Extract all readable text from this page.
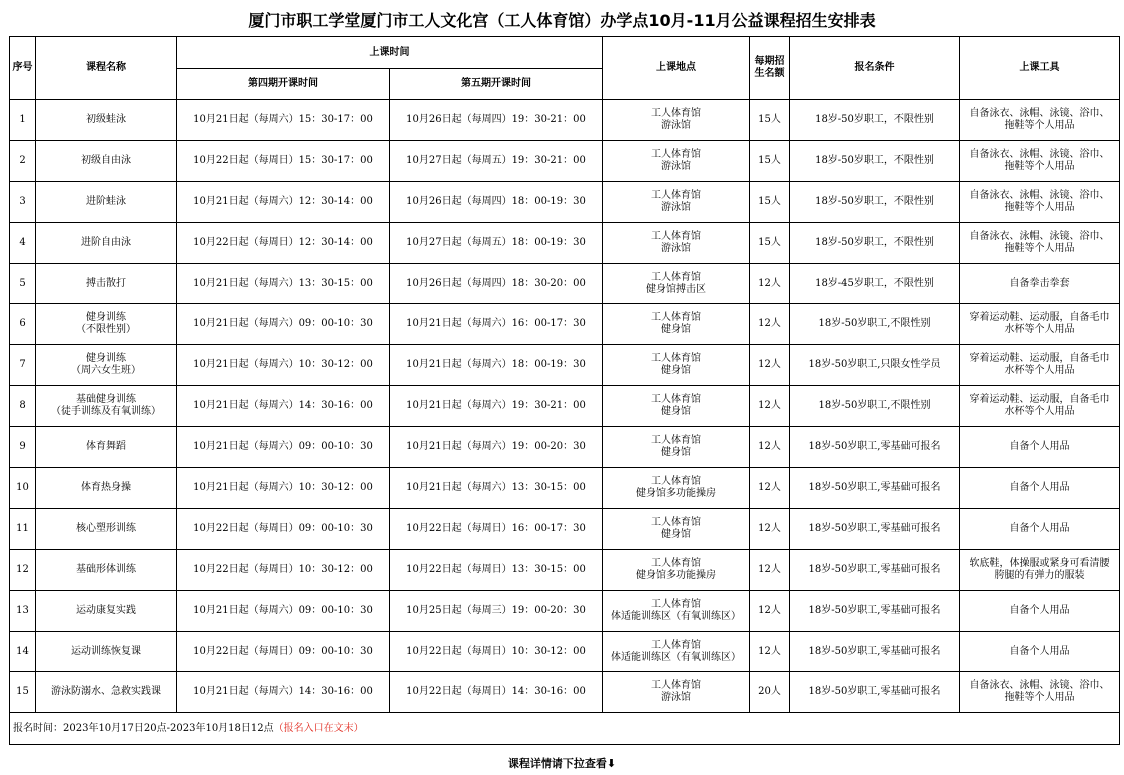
厦门市职工学堂厦门市工人文化宫（工人体育馆）办学点10月-11月公益课程招生安排表
序号	课程名称	上课时间		上课地点	每期招
生名额	报名条件	上课工具
		第四期开课时间	第五期开课时间				
1	初级蛙泳	10月21日起（每周六）15：30-17：00	10月26日起（每周四）19：30-21：00	工人体育馆
游泳馆	15人	18岁-50岁职工，不限性别	自备泳衣、泳帽、泳镜、浴巾、
拖鞋等个人用品
2	初级自由泳	10月22日起（每周日）15：30-17：00	10月27日起（每周五）19：30-21：00	工人体育馆
游泳馆	15人	18岁-50岁职工，不限性别	自备泳衣、泳帽、泳镜、浴巾、
拖鞋等个人用品
3	进阶蛙泳	10月21日起（每周六）12：30-14：00	10月26日起（每周四）18：00-19：30	工人体育馆
游泳馆	15人	18岁-50岁职工，不限性别	自备泳衣、泳帽、泳镜、浴巾、
拖鞋等个人用品
4	进阶自由泳	10月22日起（每周日）12：30-14：00	10月27日起（每周五）18：00-19：30	工人体育馆
游泳馆	15人	18岁-50岁职工，不限性别	自备泳衣、泳帽、泳镜、浴巾、
拖鞋等个人用品
5	搏击散打	10月21日起（每周六）13：30-15：00	10月26日起（每周四）18：30-20：00	工人体育馆
健身馆搏击区	12人	18岁-45岁职工，不限性别	自备拳击拳套
6	健身训练
（不限性别）	10月21日起（每周六）09：00-10：30	10月21日起（每周六）16：00-17：30	工人体育馆
健身馆	12人	18岁-50岁职工,不限性别	穿着运动鞋、运动服，自备毛巾
水杯等个人用品
7	健身训练
（周六女生班）	10月21日起（每周六）10：30-12：00	10月21日起（每周六）18：00-19：30	工人体育馆
健身馆	12人	18岁-50岁职工,只限女性学员	穿着运动鞋、运动服，自备毛巾
水杯等个人用品
8	基础健身训练
（徒手训练及有氧训练）	10月21日起（每周六）14：30-16：00	10月21日起（每周六）19：30-21：00	工人体育馆
健身馆	12人	18岁-50岁职工,不限性别	穿着运动鞋、运动服，自备毛巾
水杯等个人用品
9	体育舞蹈	10月21日起（每周六）09：00-10：30	10月21日起（每周六）19：00-20：30	工人体育馆
健身馆	12人	18岁-50岁职工,零基础可报名	自备个人用品
10	体育热身操	10月21日起（每周六）10：30-12：00	10月21日起（每周六）13：30-15：00	工人体育馆
健身馆多功能操房	12人	18岁-50岁职工,零基础可报名	自备个人用品
11	核心塑形训练	10月22日起（每周日）09：00-10：30	10月22日起（每周日）16：00-17：30	工人体育馆
健身馆	12人	18岁-50岁职工,零基础可报名	自备个人用品
12	基础形体训练	10月22日起（每周日）10：30-12：00	10月22日起（每周日）13：30-15：00	工人体育馆
健身馆多功能操房	12人	18岁-50岁职工,零基础可报名	软底鞋，体操服或紧身可看清腰
胯腿的有弹力的服装
13	运动康复实践	10月21日起（每周六）09：00-10：30	10月25日起（每周三）19：00-20：30	工人体育馆
体适能训练区（有氧训练区）	12人	18岁-50岁职工,零基础可报名	自备个人用品
14	运动训练恢复课	10月22日起（每周日）09：00-10：30	10月22日起（每周日）10：30-12：00	工人体育馆
体适能训练区（有氧训练区）	12人	18岁-50岁职工,零基础可报名	自备个人用品
15	游泳防溺水、急救实践课	10月21日起（每周六）14：30-16：00	10月22日起（每周日）14：30-16：00	工人体育馆
游泳馆	20人	18岁-50岁职工,零基础可报名	自备泳衣、泳帽、泳镜、浴巾、
拖鞋等个人用品
报名时间：2023年10月17日20点-2023年10月18日12点（报名入口在文末）							
课程详情请下拉查看⬇
